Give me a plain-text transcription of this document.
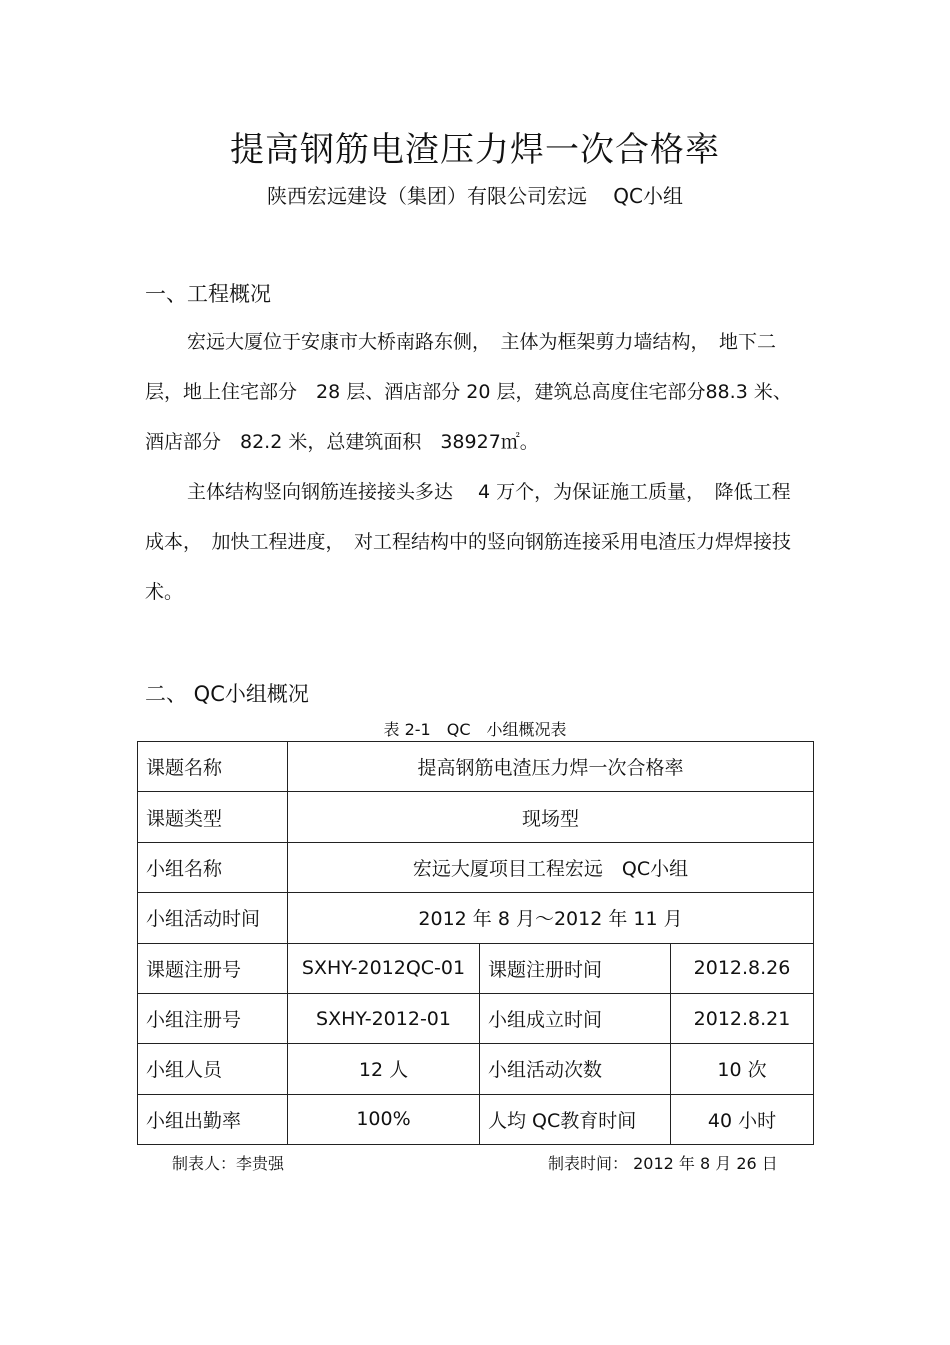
提高钢筋电渣压力焊一次合格率
陕西宏远建设（集团）有限公司宏远　 QC小组
一、工程概况

宏远大厦位于安康市大桥南路东侧，　主体为框架剪力墙结构，　地下二层，地上住宅部分　28 层、酒店部分 20 层，建筑总高度住宅部分88.3 米、酒店部分　82.2 米，总建筑面积　38927㎡。

主体结构竖向钢筋连接接头多达　 4 万个，为保证施工质量，　降低工程成本，　加快工程进度，　对工程结构中的竖向钢筋连接采用电渣压力焊焊接技术。

二、 QC小组概况
表 2-1　QC　小组概况表
课题名称	提高钢筋电渣压力焊一次合格率		
课题类型	现场型		
小组名称	宏远大厦项目工程宏远　QC小组		
小组活动时间	2012 年 8 月～2012 年 11 月		
课题注册号	SXHY-2012QC-01	课题注册时间	2012.8.26
小组注册号	SXHY-2012-01	小组成立时间	2012.8.21
小组人员	12 人	小组活动次数	10 次
小组出勤率	100%	人均 QC教育时间	40 小时
制表人：李贵强	制表时间： 2012 年 8 月 26 日
